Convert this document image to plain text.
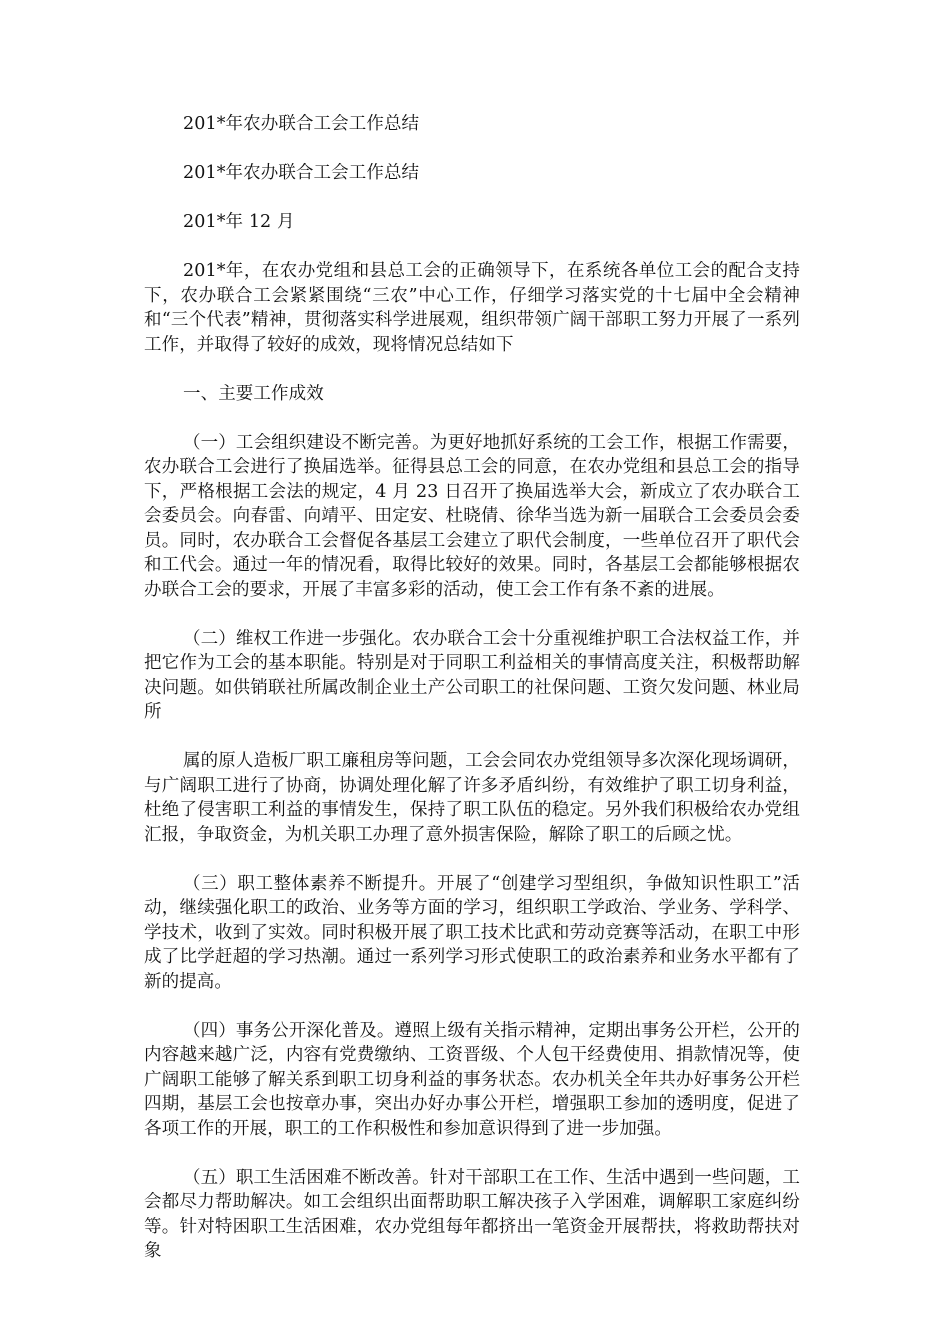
201*年农办联合工会工作总结

201*年农办联合工会工作总结

201*年 12 月

201*年，在农办党组和县总工会的正确领导下，在系统各单位工会的配合支持下，农办联合工会紧紧围绕“三农”中心工作，仔细学习落实党的十七届中全会精神和“三个代表”精神，贯彻落实科学进展观，组织带领广阔干部职工努力开展了一系列工作，并取得了较好的成效，现将情况总结如下

一、主要工作成效

（一）工会组织建设不断完善。为更好地抓好系统的工会工作，根据工作需要，农办联合工会进行了换届选举。征得县总工会的同意，在农办党组和县总工会的指导下，严格根据工会法的规定，4 月 23 日召开了换届选举大会，新成立了农办联合工会委员会。向春雷、向靖平、田定安、杜晓倩、徐华当选为新一届联合工会委员会委员。同时，农办联合工会督促各基层工会建立了职代会制度，一些单位召开了职代会和工代会。通过一年的情况看，取得比较好的效果。同时，各基层工会都能够根据农办联合工会的要求，开展了丰富多彩的活动，使工会工作有条不紊的进展。

（二）维权工作进一步强化。农办联合工会十分重视维护职工合法权益工作，并把它作为工会的基本职能。特别是对于同职工利益相关的事情高度关注，积极帮助解决问题。如供销联社所属改制企业土产公司职工的社保问题、工资欠发问题、林业局所

属的原人造板厂职工廉租房等问题，工会会同农办党组领导多次深化现场调研，与广阔职工进行了协商，协调处理化解了许多矛盾纠纷，有效维护了职工切身利益，杜绝了侵害职工利益的事情发生，保持了职工队伍的稳定。另外我们积极给农办党组汇报，争取资金，为机关职工办理了意外损害保险，解除了职工的后顾之忧。

（三）职工整体素养不断提升。开展了“创建学习型组织，争做知识性职工”活动，继续强化职工的政治、业务等方面的学习，组织职工学政治、学业务、学科学、学技术，收到了实效。同时积极开展了职工技术比武和劳动竞赛等活动，在职工中形成了比学赶超的学习热潮。通过一系列学习形式使职工的政治素养和业务水平都有了新的提高。

（四）事务公开深化普及。遵照上级有关指示精神，定期出事务公开栏，公开的内容越来越广泛，内容有党费缴纳、工资晋级、个人包干经费使用、捐款情况等，使广阔职工能够了解关系到职工切身利益的事务状态。农办机关全年共办好事务公开栏四期，基层工会也按章办事，突出办好办事公开栏，增强职工参加的透明度，促进了各项工作的开展，职工的工作积极性和参加意识得到了进一步加强。

（五）职工生活困难不断改善。针对干部职工在工作、生活中遇到一些问题，工会都尽力帮助解决。如工会组织出面帮助职工解决孩子入学困难，调解职工家庭纠纷等。针对特困职工生活困难，农办党组每年都挤出一笔资金开展帮扶，将救助帮扶对象
